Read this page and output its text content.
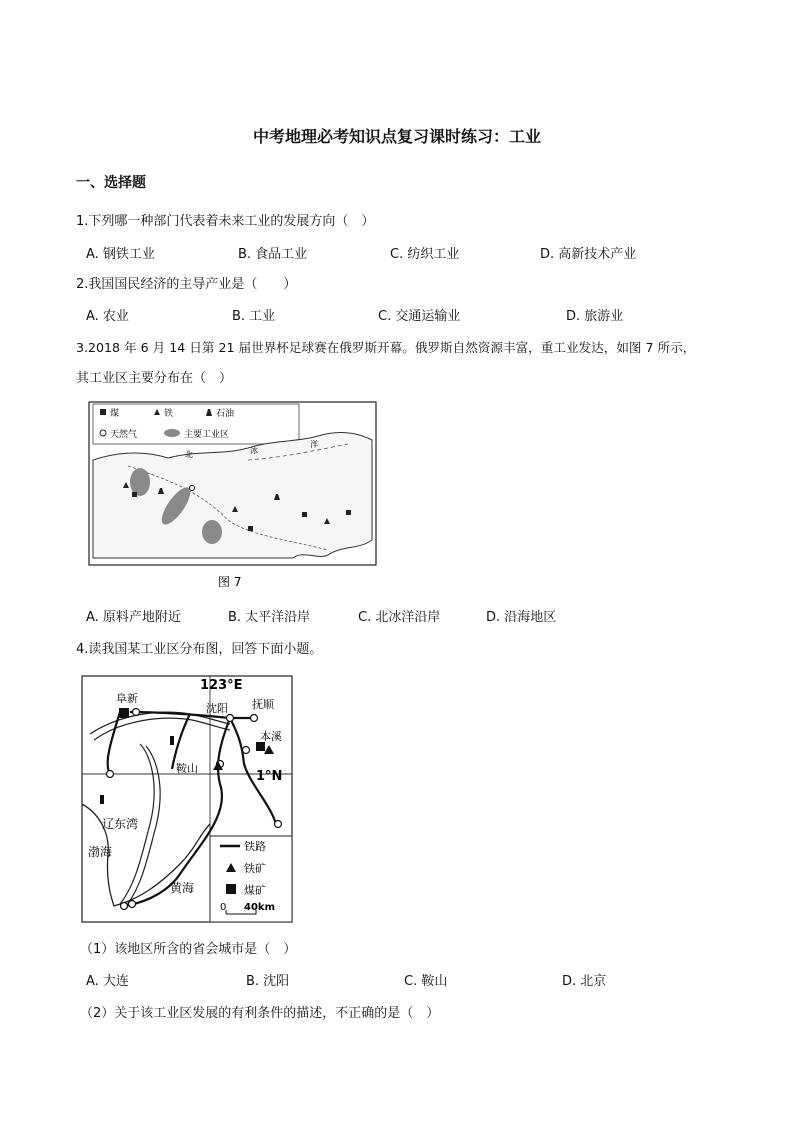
中考地理必考知识点复习课时练习：工业
一、选择题
1.下列哪一种部门代表着未来工业的发展方向（　）
A. 钢铁工业	B. 食品工业	C. 纺织工业	D. 高新技术产业
2.我国国民经济的主导产业是（　　）
A. 农业	B. 工业	C. 交通运输业	D. 旅游业
3.2018 年 6 月 14 日第 21 届世界杯足球赛在俄罗斯开幕。俄罗斯自然资源丰富，重工业发达，如图 7 所示，
其工业区主要分布在（　）
煤	铁	石油
天然气	主要工业区
北	冰
洋
图 7
A. 原料产地附近	B. 太平洋沿岸	C. 北冰洋沿岸	D. 沿海地区
4.读我国某工业区分布图，回答下面小题。
123°E
1°N
阜新
沈阳 抚顺
本溪
鞍山
辽东湾
渤海
黄海
铁路
铁矿
煤矿
0 40km
（1）该地区所含的省会城市是（　）
A. 大连	B. 沈阳	C. 鞍山	D. 北京
（2）关于该工业区发展的有利条件的描述，不正确的是（　）
